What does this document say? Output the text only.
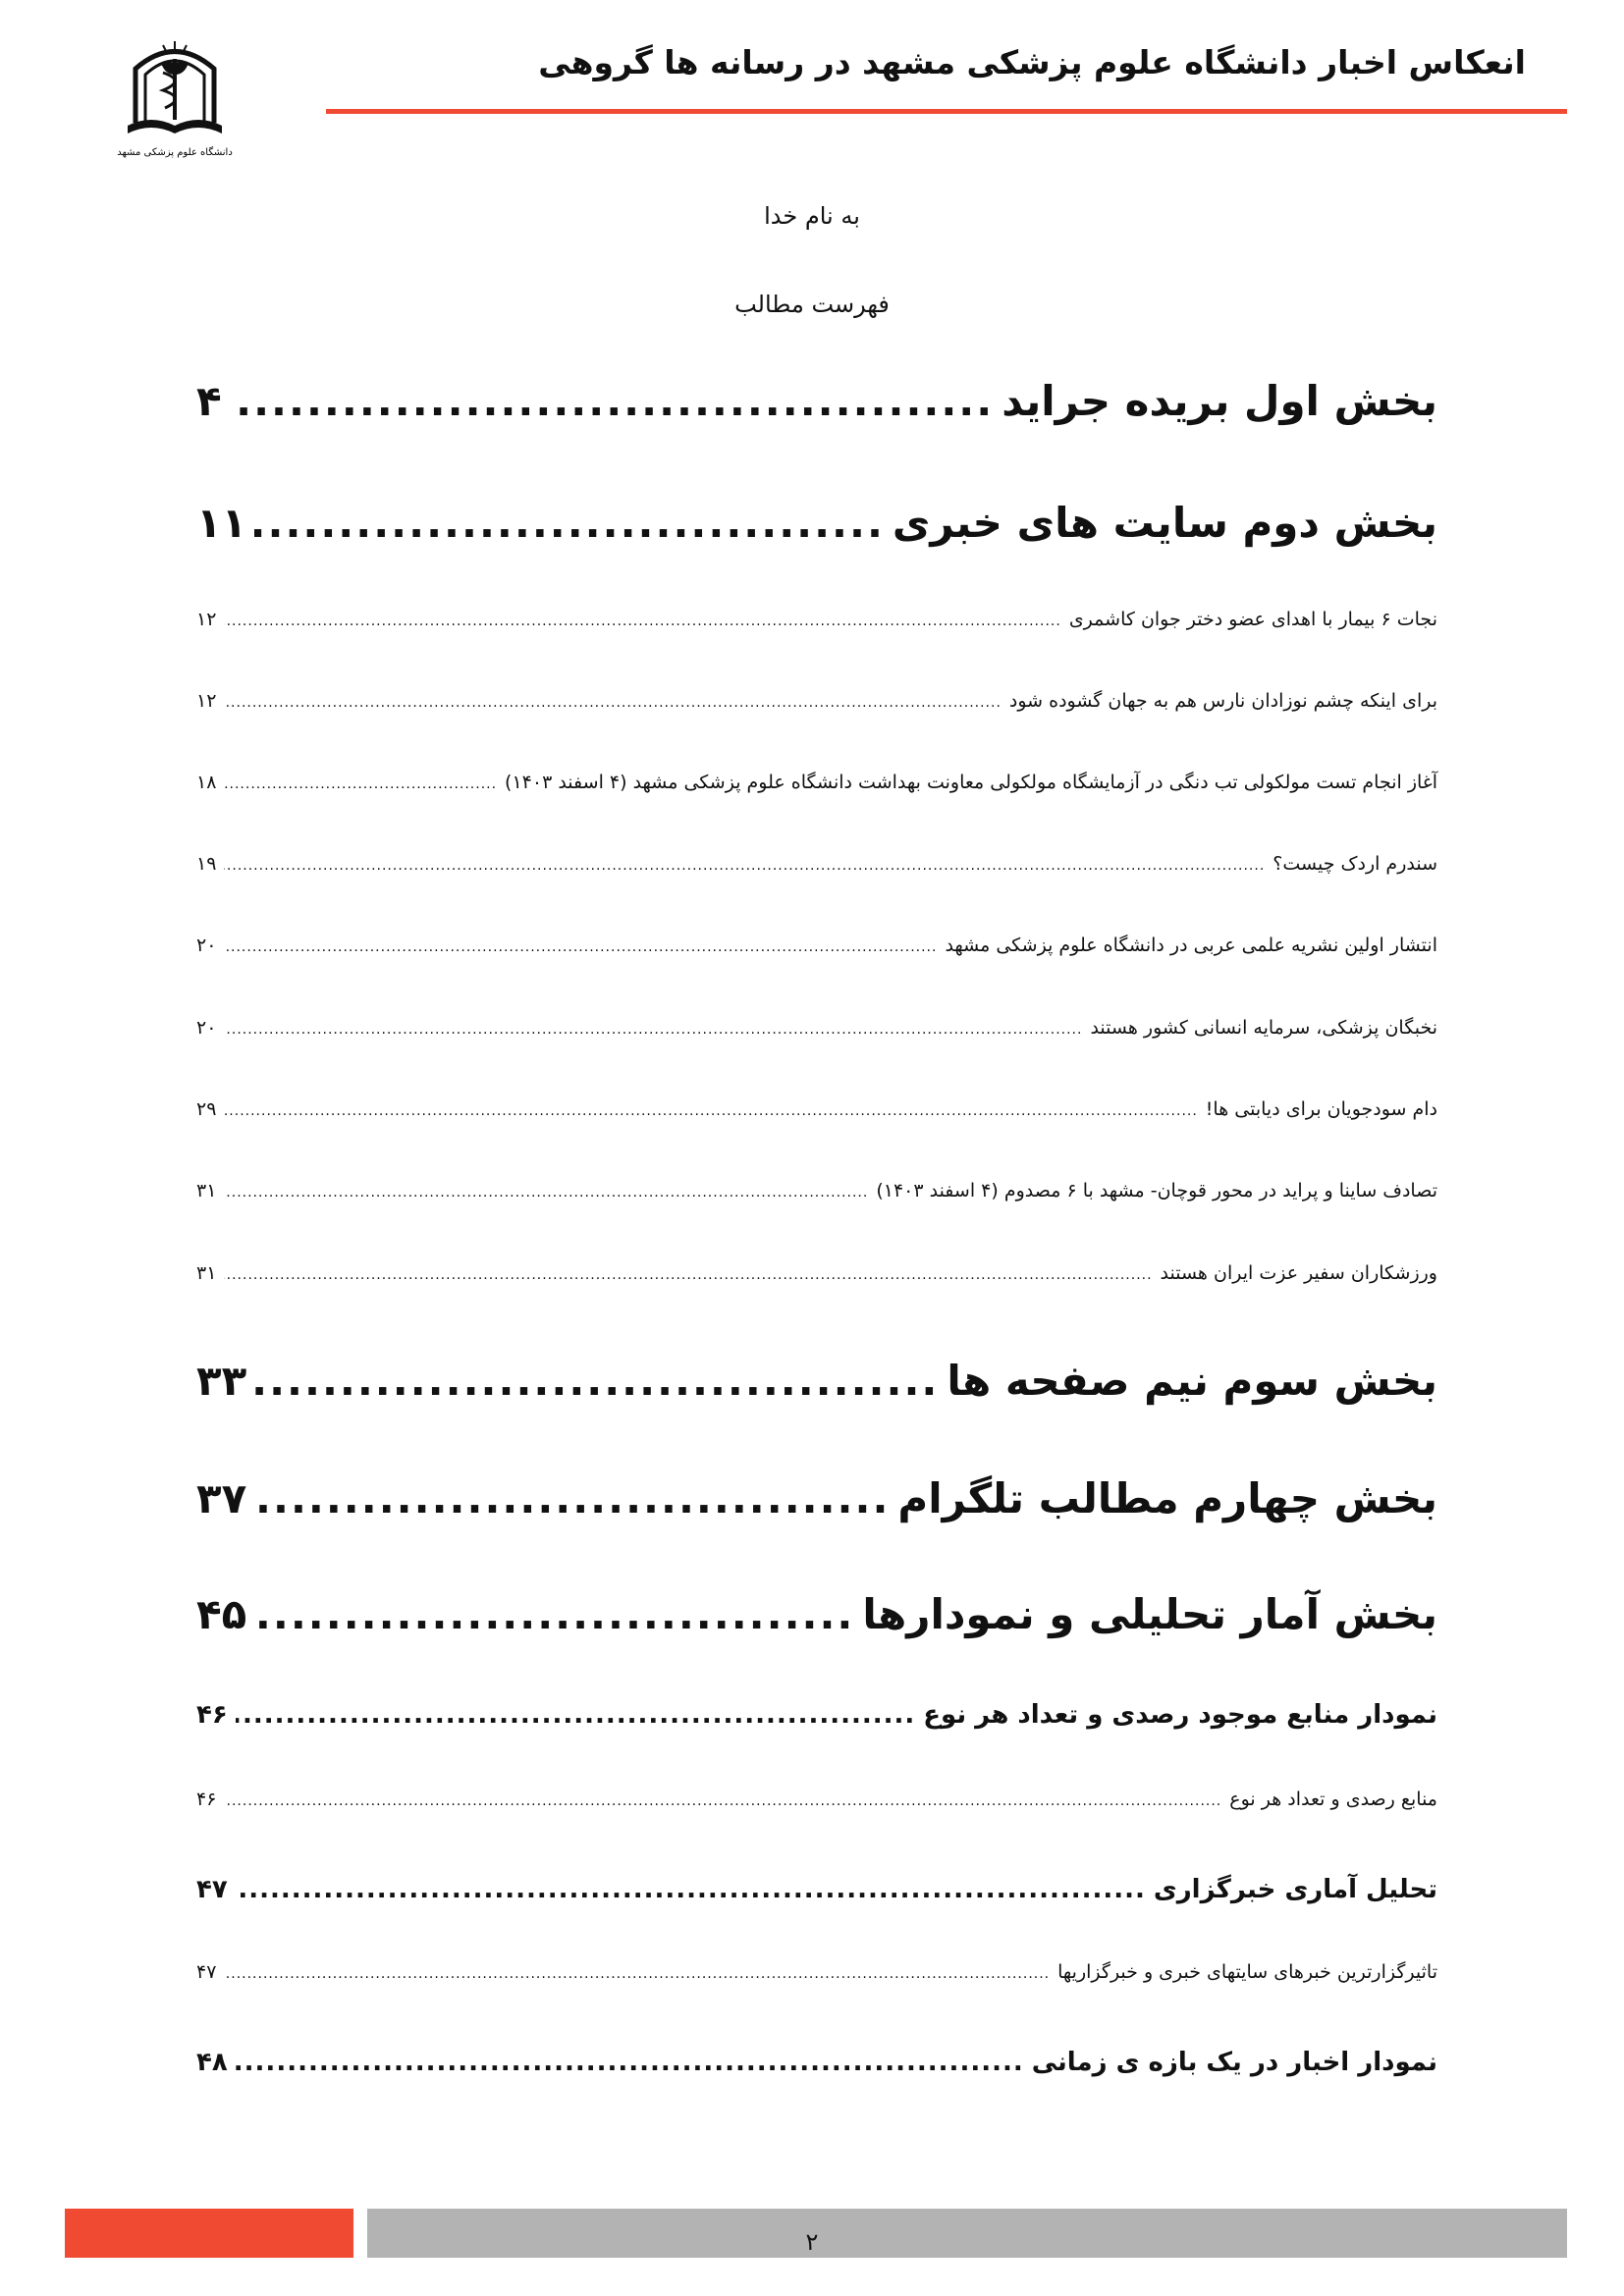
دانشگاه علوم پزشکی مشهد
انعکاس اخبار دانشگاه علوم پزشکی مشهد در رسانه ها گروهی
به نام خدا
فهرست مطالب
بخش اول بریده جراید
.....
۴
بخش دوم سایت های خبری
.....
۱۱
نجات ۶ بیمار با اهدای عضو دختر جوان کاشمری
.....
۱۲
برای اینکه چشم نوزادان نارس هم به جهان گشوده شود
.....
۱۲
آغاز انجام تست مولکولی تب دنگی در آزمایشگاه مولکولی معاونت بهداشت دانشگاه علوم پزشکی مشهد (۴ اسفند ۱۴۰۳)
.....
۱۸
سندرم اردک چیست؟
.....
۱۹
انتشار اولین نشریه علمی عربی در دانشگاه علوم پزشکی مشهد
.....
۲۰
نخبگان پزشکی، سرمایه انسانی کشور هستند
.....
۲۰
دام سودجویان برای دیابتی ها!
.....
۲۹
تصادف ساینا و پراید در محور قوچان- مشهد با ۶ مصدوم (۴ اسفند ۱۴۰۳)
.....
۳۱
ورزشکاران سفیر عزت ایران هستند
.....
۳۱
بخش سوم نیم صفحه ها
.....
۳۳
بخش چهارم مطالب تلگرام
.....
۳۷
بخش آمار تحلیلی و نمودارها
.....
۴۵
نمودار منابع موجود رصدی و تعداد هر نوع
.....
۴۶
منابع رصدی و تعداد هر نوع
.....
۴۶
تحلیل آماری خبرگزاری
.....
۴۷
تاثیرگزارترین خبرهای سایتهای خبری و خبرگزاریها
.....
۴۷
نمودار اخبار در یک بازه ی زمانی
.....
۴۸
۲
